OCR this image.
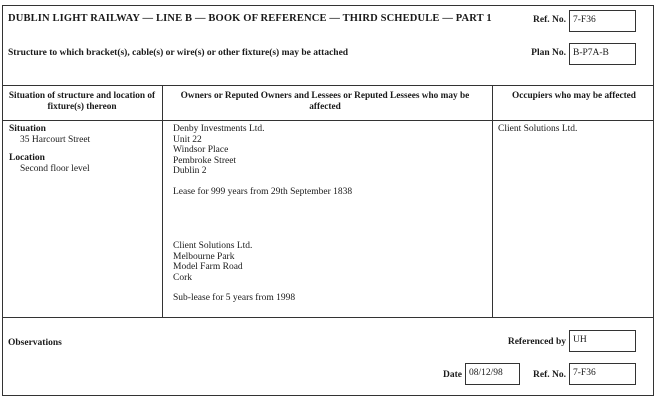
DUBLIN LIGHT RAILWAY — LINE B — BOOK OF REFERENCE — THIRD SCHEDULE — PART 1
Structure to which bracket(s), cable(s) or wire(s) or other fixture(s) may be attached
Ref. No. 7-F36
Plan No. B-P7A-B
Situation of structure and location of fixture(s) thereon
Owners or Reputed Owners and Lessees or Reputed Lessees who may be affected
Occupiers who may be affected
Situation
35 Harcourt Street
Location
Second floor level
Denby Investments Ltd.
Unit 22
Windsor Place
Pembroke Street
Dublin 2
Lease for 999 years from 29th September 1838
Client Solutions Ltd.
Melbourne Park
Model Farm Road
Cork
Sub-lease for 5 years from 1998
Client Solutions Ltd.
Observations	Referenced by UH
Date 08/12/98	Ref. No. 7-F36
